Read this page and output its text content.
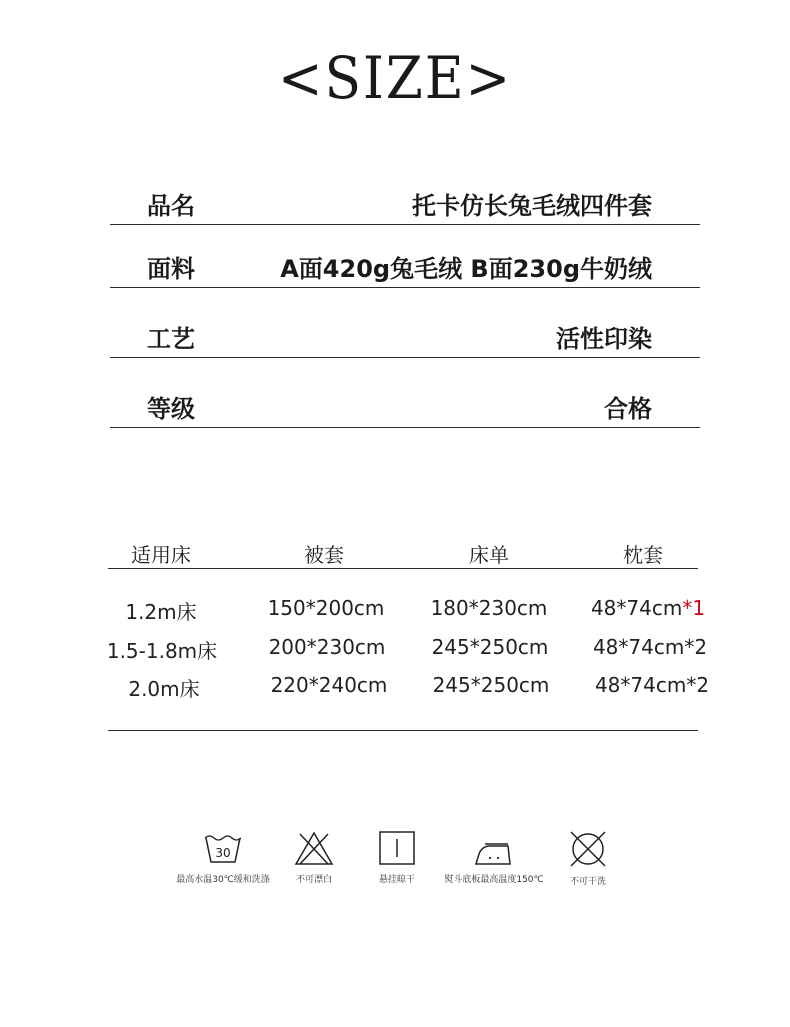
<SIZE>
品名	托卡仿长兔毛绒四件套
面料	A面420g兔毛绒 B面230g牛奶绒
工艺	活性印染
等级	合格
适用床	被套	床单	枕套
1.2m床	150*200cm 180*230cm 48*74cm*1
1.5-1.8m床	200*230cm 245*250cm 48*74cm*2
2.0m床	220*240cm 245*250cm 48*74cm*2
30
最高水温30℃缓和洗涤	不可漂白	悬挂晾干	熨斗底板最高温度150℃	不可干洗
